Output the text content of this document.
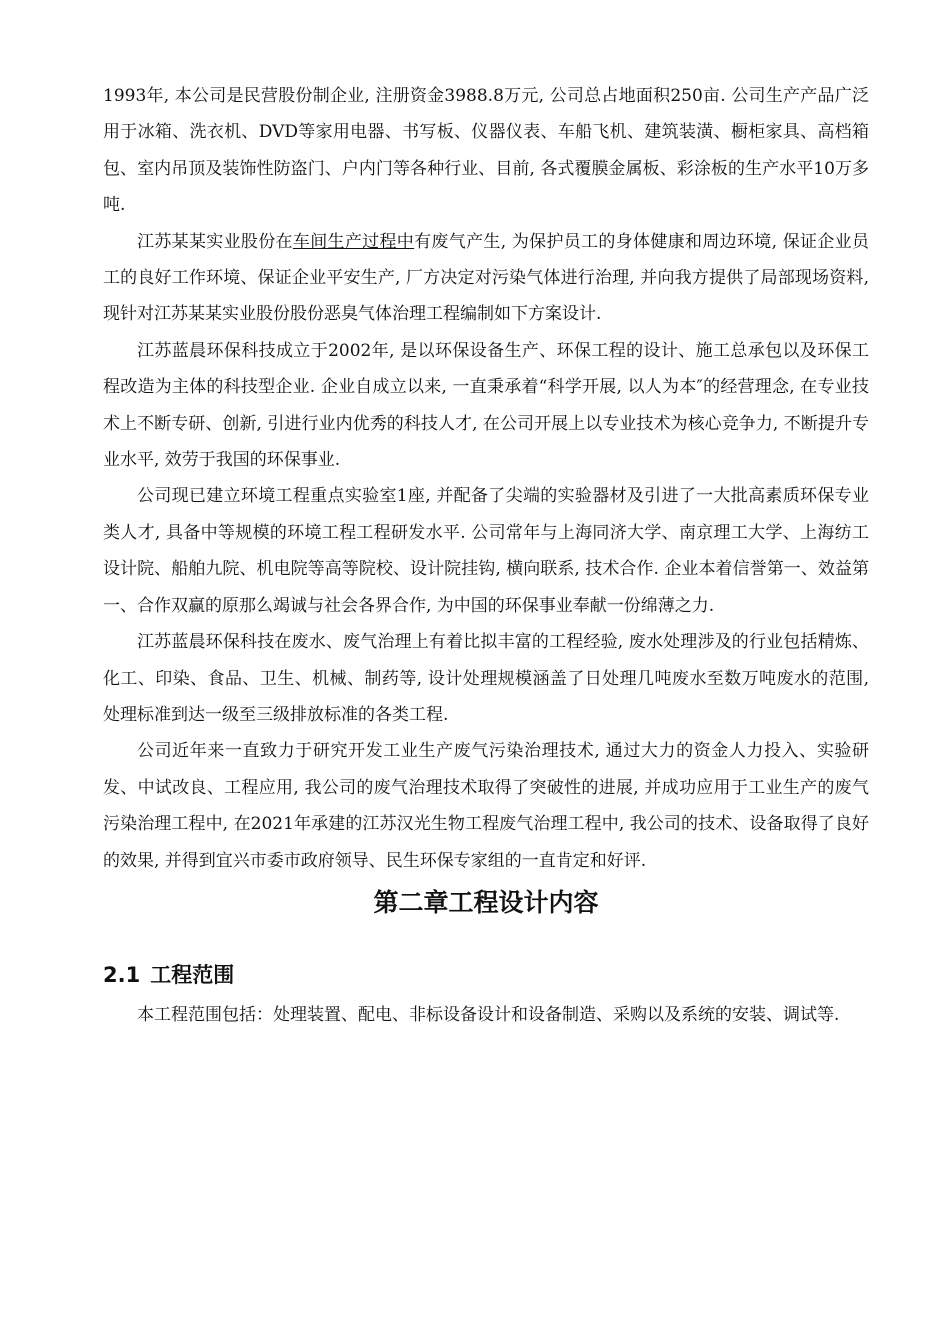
1993年, 本公司是民营股份制企业, 注册资金3988.8万元, 公司总占地面积250亩. 公司生产产品广泛用于冰箱、洗衣机、DVD等家用电器、书写板、仪器仪表、车船飞机、建筑装潢、橱柜家具、高档箱包、室内吊顶及装饰性防盗门、户内门等各种行业、目前, 各式覆膜金属板、彩涂板的生产水平10万多吨.

江苏某某实业股份在车间生产过程中有废气产生, 为保护员工的身体健康和周边环境, 保证企业员工的良好工作环境、保证企业平安生产, 厂方决定对污染气体进行治理, 并向我方提供了局部现场资料, 现针对江苏某某实业股份股份恶臭气体治理工程编制如下方案设计.

江苏蓝晨环保科技成立于2002年, 是以环保设备生产、环保工程的设计、施工总承包以及环保工程改造为主体的科技型企业. 企业自成立以来, 一直秉承着“科学开展, 以人为本″的经营理念, 在专业技术上不断专研、创新, 引进行业内优秀的科技人才, 在公司开展上以专业技术为核心竞争力, 不断提升专业水平, 效劳于我国的环保事业.

公司现已建立环境工程重点实验室1座, 并配备了尖端的实验器材及引进了一大批高素质环保专业类人才, 具备中等规模的环境工程工程研发水平. 公司常年与上海同济大学、南京理工大学、上海纺工设计院、船舶九院、机电院等高等院校、设计院挂钩, 横向联系, 技术合作. 企业本着信誉第一、效益第一、合作双赢的原那么竭诚与社会各界合作, 为中国的环保事业奉献一份绵薄之力.

江苏蓝晨环保科技在废水、废气治理上有着比拟丰富的工程经验, 废水处理涉及的行业包括精炼、化工、印染、食品、卫生、机械、制药等, 设计处理规模涵盖了日处理几吨废水至数万吨废水的范围, 处理标准到达一级至三级排放标准的各类工程.

公司近年来一直致力于研究开发工业生产废气污染治理技术, 通过大力的资金人力投入、实验研发、中试改良、工程应用, 我公司的废气治理技术取得了突破性的进展, 并成功应用于工业生产的废气污染治理工程中, 在2021年承建的江苏汉光生物工程废气治理工程中, 我公司的技术、设备取得了良好的效果, 并得到宜兴市委市政府领导、民生环保专家组的一直肯定和好评.

第二章工程设计内容
2.1 工程范围

本工程范围包括：处理装置、配电、非标设备设计和设备制造、采购以及系统的安装、调试等.
